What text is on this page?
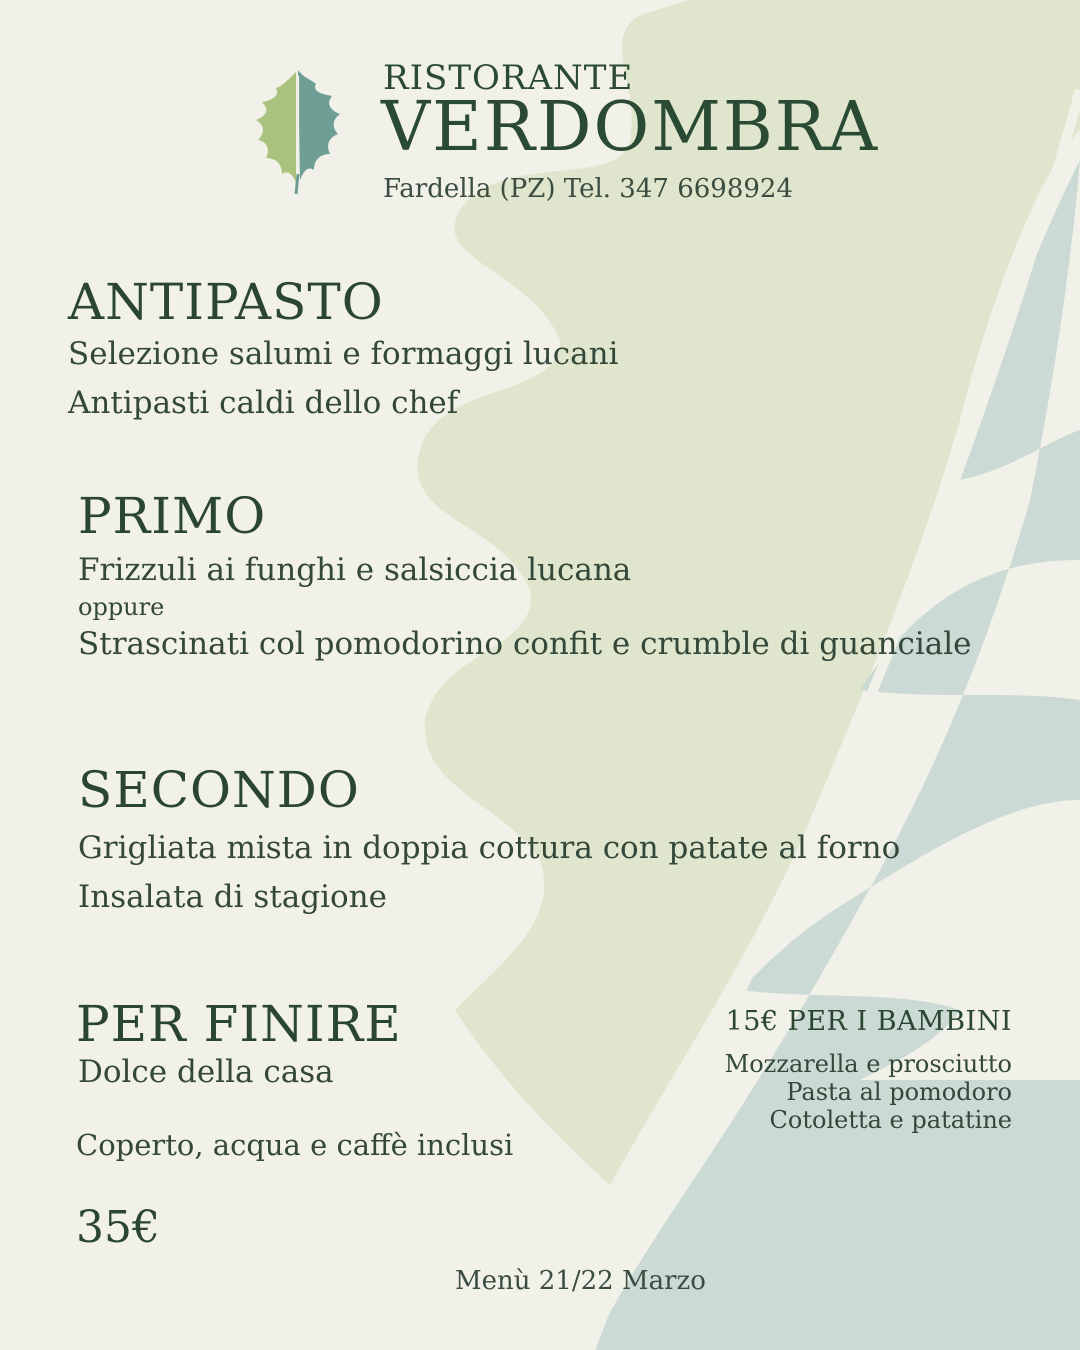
RISTORANTE

VERDOMBRA

Fardella (PZ) Tel. 347 6698924

ANTIPASTO

Selezione salumi e formaggi lucani

Antipasti caldi dello chef

PRIMO

Frizzuli ai funghi e salsiccia lucana

oppure

Strascinati col pomodorino confit e crumble di guanciale

SECONDO

Grigliata mista in doppia cottura con patate al forno

Insalata di stagione

PER FINIRE

Dolce della casa

15€ PER I BAMBINI

Mozzarella e prosciutto

Pasta al pomodoro

Cotoletta e patatine

Coperto, acqua e caffè inclusi

35€

Menù 21/22 Marzo
